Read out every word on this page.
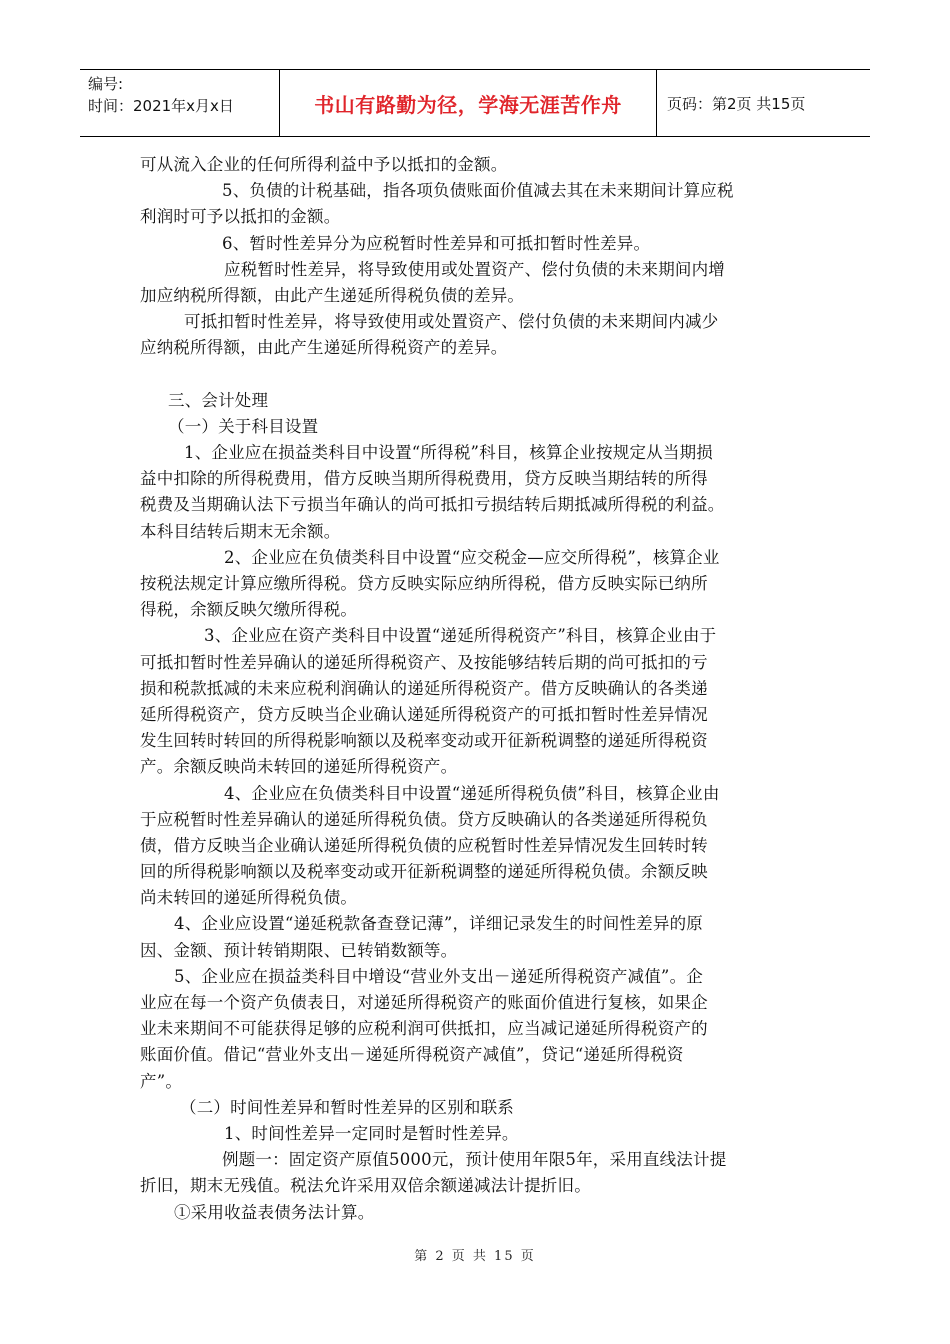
编号:
时间：2021年x月x日	书山有路勤为径，学海无涯苦作舟	页码：第2页 共15页
可从流入企业的任何所得利益中予以抵扣的金额。
5、负债的计税基础，指各项负债账面价值减去其在未来期间计算应税
利润时可予以抵扣的金额。
6、暂时性差异分为应税暂时性差异和可抵扣暂时性差异。
应税暂时性差异，将导致使用或处置资产、偿付负债的未来期间内增
加应纳税所得额，由此产生递延所得税负债的差异。
可抵扣暂时性差异，将导致使用或处置资产、偿付负债的未来期间内减少
应纳税所得额，由此产生递延所得税资产的差异。
三、会计处理
（一）关于科目设置
1、企业应在损益类科目中设置“所得税”科目，核算企业按规定从当期损
益中扣除的所得税费用，借方反映当期所得税费用，贷方反映当期结转的所得
税费及当期确认法下亏损当年确认的尚可抵扣亏损结转后期抵减所得税的利益。
本科目结转后期末无余额。
2、企业应在负债类科目中设置“应交税金—应交所得税”，核算企业
按税法规定计算应缴所得税。贷方反映实际应纳所得税，借方反映实际已纳所
得税，余额反映欠缴所得税。
3、企业应在资产类科目中设置“递延所得税资产”科目，核算企业由于
可抵扣暂时性差异确认的递延所得税资产、及按能够结转后期的尚可抵扣的亏
损和税款抵减的未来应税利润确认的递延所得税资产。借方反映确认的各类递
延所得税资产，贷方反映当企业确认递延所得税资产的可抵扣暂时性差异情况
发生回转时转回的所得税影响额以及税率变动或开征新税调整的递延所得税资
产。余额反映尚未转回的递延所得税资产。
4、企业应在负债类科目中设置“递延所得税负债”科目，核算企业由
于应税暂时性差异确认的递延所得税负债。贷方反映确认的各类递延所得税负
债，借方反映当企业确认递延所得税负债的应税暂时性差异情况发生回转时转
回的所得税影响额以及税率变动或开征新税调整的递延所得税负债。余额反映
尚未转回的递延所得税负债。
4、企业应设置“递延税款备查登记薄”，详细记录发生的时间性差异的原
因、金额、预计转销期限、已转销数额等。
5、企业应在损益类科目中增设“营业外支出－递延所得税资产减值”。企
业应在每一个资产负债表日，对递延所得税资产的账面价值进行复核，如果企
业未来期间不可能获得足够的应税利润可供抵扣，应当减记递延所得税资产的
账面价值。借记“营业外支出－递延所得税资产减值”，贷记“递延所得税资
产”。
（二）时间性差异和暂时性差异的区别和联系
1、时间性差异一定同时是暂时性差异。
例题一：固定资产原值5000元，预计使用年限5年，采用直线法计提
折旧，期末无残值。税法允许采用双倍余额递减法计提折旧。
①采用收益表债务法计算。
第 2 页 共 15 页
